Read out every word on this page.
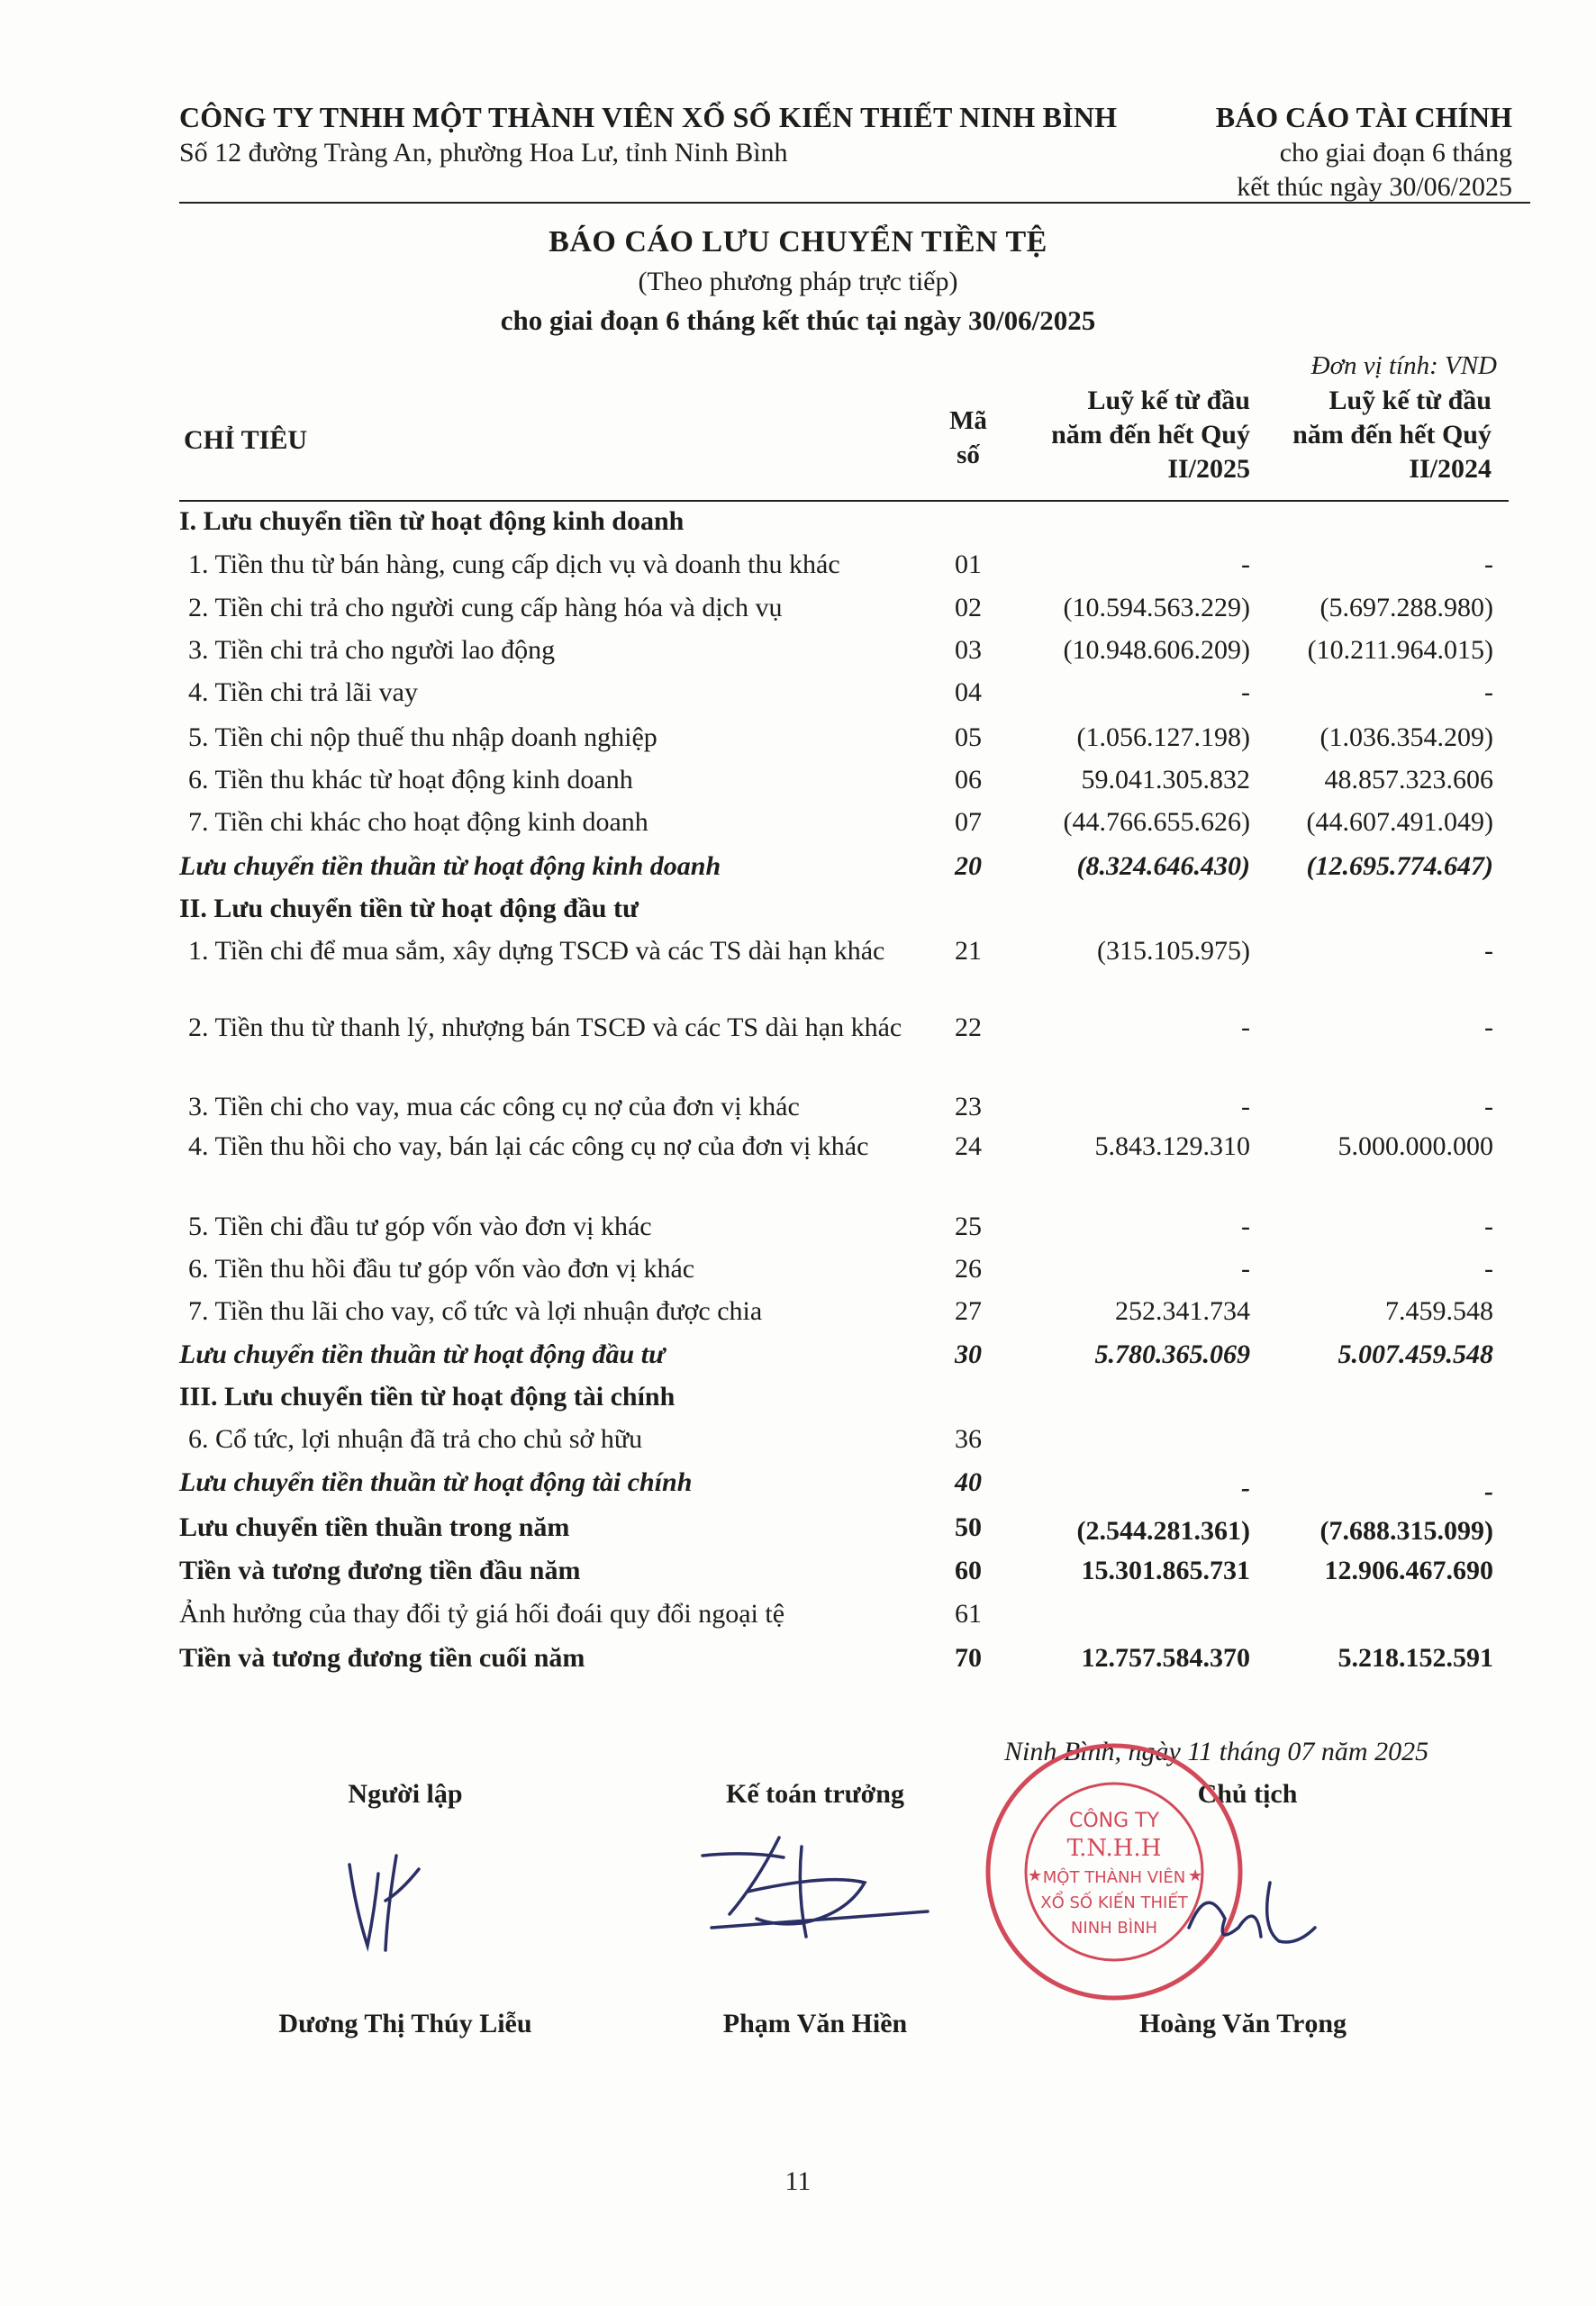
CÔNG TY TNHH MỘT THÀNH VIÊN XỔ SỐ KIẾN THIẾT NINH BÌNH
Số 12 đường Tràng An, phường Hoa Lư, tỉnh Ninh Bình
BÁO CÁO TÀI CHÍNH
cho giai đoạn 6 tháng
kết thúc ngày 30/06/2025
BÁO CÁO LƯU CHUYỂN TIỀN TỆ
(Theo phương pháp trực tiếp)
cho giai đoạn 6 tháng kết thúc tại ngày 30/06/2025
Đơn vị tính: VND
CHỈ TIÊU
Mã
số
Luỹ kế từ đầu
năm đến hết Quý
II/2025
Luỹ kế từ đầu
năm đến hết Quý
II/2024
I. Lưu chuyển tiền từ hoạt động kinh doanh
1. Tiền thu từ bán hàng, cung cấp dịch vụ và doanh thu khác	01	-	-
2. Tiền chi trả cho người cung cấp hàng hóa và dịch vụ	02	(10.594.563.229)	(5.697.288.980)
3. Tiền chi trả cho người lao động	03	(10.948.606.209)	(10.211.964.015)
4. Tiền chi trả lãi vay	04	-	-
5. Tiền chi nộp thuế thu nhập doanh nghiệp	05	(1.056.127.198)	(1.036.354.209)
6. Tiền thu khác từ hoạt động kinh doanh	06	59.041.305.832	48.857.323.606
7. Tiền chi khác cho hoạt động kinh doanh	07	(44.766.655.626)	(44.607.491.049)
Lưu chuyển tiền thuần từ hoạt động kinh doanh	20	(8.324.646.430)	(12.695.774.647)
II. Lưu chuyển tiền từ hoạt động đầu tư
1. Tiền chi để mua sắm, xây dựng TSCĐ và các TS dài hạn khác	21	(315.105.975)	-
2. Tiền thu từ thanh lý, nhượng bán TSCĐ và các TS dài hạn khác	22	-	-
3. Tiền chi cho vay, mua các công cụ nợ của đơn vị khác	23	-	-
4. Tiền thu hồi cho vay, bán lại các công cụ nợ của đơn vị khác	24	5.843.129.310	5.000.000.000
5. Tiền chi đầu tư góp vốn vào đơn vị khác	25	-	-
6. Tiền thu hồi đầu tư góp vốn vào đơn vị khác	26	-	-
7. Tiền thu lãi cho vay, cổ tức và lợi nhuận được chia	27	252.341.734	7.459.548
Lưu chuyển tiền thuần từ hoạt động đầu tư	30	5.780.365.069	5.007.459.548
III. Lưu chuyển tiền từ hoạt động tài chính
6. Cổ tức, lợi nhuận đã trả cho chủ sở hữu	36
Lưu chuyển tiền thuần từ hoạt động tài chính	40	-	-
Lưu chuyển tiền thuần trong năm	50	(2.544.281.361)	(7.688.315.099)
Tiền và tương đương tiền đầu năm	60	15.301.865.731	12.906.467.690
Ảnh hưởng của thay đổi tỷ giá hối đoái quy đổi ngoại tệ	61
Tiền và tương đương tiền cuối năm	70	12.757.584.370	5.218.152.591
Ninh Bình, ngày 11 tháng 07 năm 2025
Người lập	Kế toán trưởng	Chủ tịch
★	★
CÔNG TY
T.N.H.H
MỘT THÀNH VIÊN
XỔ SỐ KIẾN THIẾT
NINH BÌNH
Dương Thị Thúy Liễu	Phạm Văn Hiền	Hoàng Văn Trọng
11
